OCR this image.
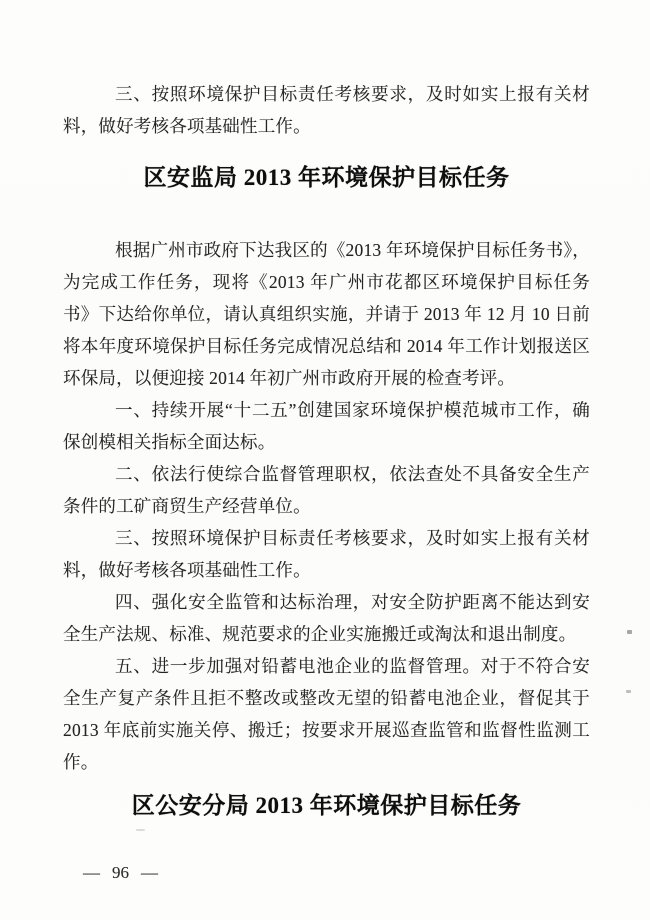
三、按照环境保护目标责任考核要求，及时如实上报有关材料，做好考核各项基础性工作。

区安监局 2013 年环境保护目标任务

根据广州市政府下达我区的《2013 年环境保护目标任务书》，为完成工作任务，现将《2013 年广州市花都区环境保护目标任务书》下达给你单位，请认真组织实施，并请于 2013 年 12 月 10 日前将本年度环境保护目标任务完成情况总结和 2014 年工作计划报送区环保局，以便迎接 2014 年初广州市政府开展的检查考评。

一、持续开展“十二五”创建国家环境保护模范城市工作，确保创模相关指标全面达标。

二、依法行使综合监督管理职权，依法查处不具备安全生产条件的工矿商贸生产经营单位。

三、按照环境保护目标责任考核要求，及时如实上报有关材料，做好考核各项基础性工作。

四、强化安全监管和达标治理，对安全防护距离不能达到安全生产法规、标准、规范要求的企业实施搬迁或淘汰和退出制度。

五、进一步加强对铅蓄电池企业的监督管理。对于不符合安全生产复产条件且拒不整改或整改无望的铅蓄电池企业，督促其于 2013 年底前实施关停、搬迁；按要求开展巡查监管和监督性监测工作。

区公安分局 2013 年环境保护目标任务
— 96 —
